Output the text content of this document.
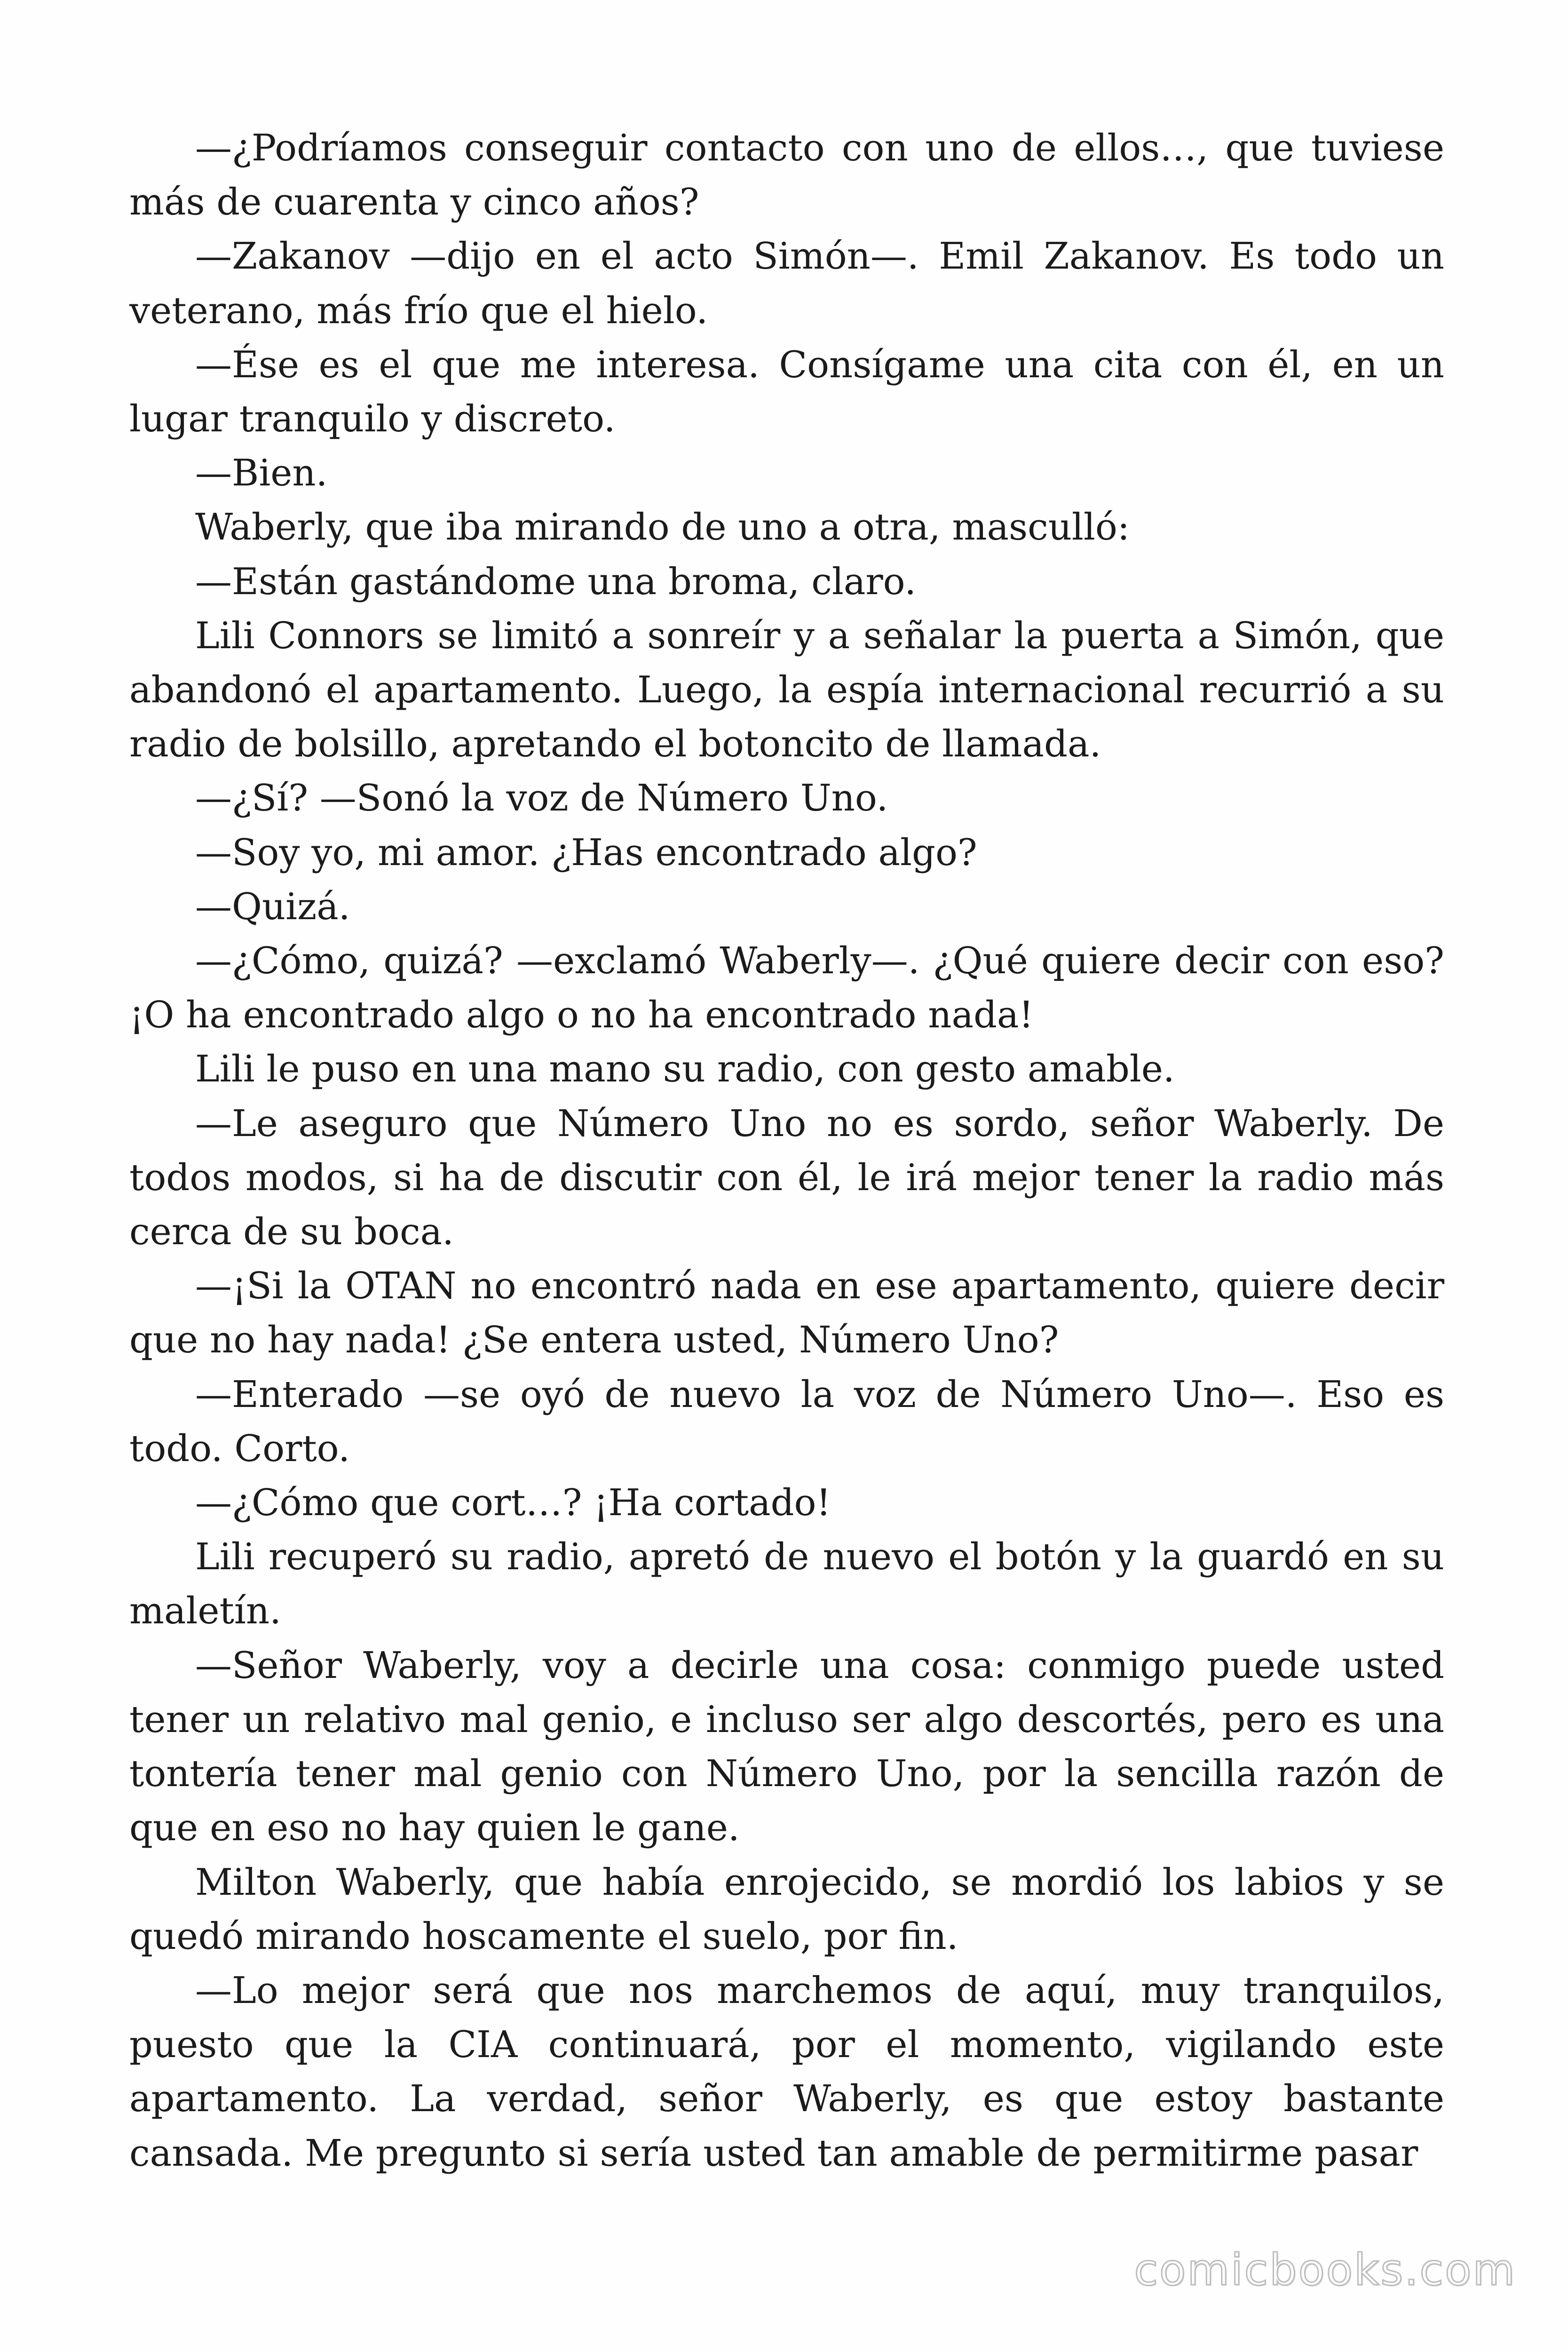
—¿Podríamos conseguir contacto con uno de ellos…, que tuviese más de cuarenta y cinco años?

—Zakanov —dijo en el acto Simón—. Emil Zakanov. Es todo un veterano, más frío que el hielo.

—Ése es el que me interesa. Consígame una cita con él, en un lugar tranquilo y discreto.

—Bien.

Waberly, que iba mirando de uno a otra, masculló:

—Están gastándome una broma, claro.

Lili Connors se limitó a sonreír y a señalar la puerta a Simón, que abandonó el apartamento. Luego, la espía internacional recurrió a su radio de bolsillo, apretando el botoncito de llamada.

—¿Sí? —Sonó la voz de Número Uno.

—Soy yo, mi amor. ¿Has encontrado algo?

—Quizá.

—¿Cómo, quizá? —exclamó Waberly—. ¿Qué quiere decir con eso? ¡O ha encontrado algo o no ha encontrado nada!

Lili le puso en una mano su radio, con gesto amable.

—Le aseguro que Número Uno no es sordo, señor Waberly. De todos modos, si ha de discutir con él, le irá mejor tener la radio más cerca de su boca.

—¡Si la OTAN no encontró nada en ese apartamento, quiere decir que no hay nada! ¿Se entera usted, Número Uno?

—Enterado —se oyó de nuevo la voz de Número Uno—. Eso es todo. Corto.

—¿Cómo que cort…? ¡Ha cortado!

Lili recuperó su radio, apretó de nuevo el botón y la guardó en su maletín.

—Señor Waberly, voy a decirle una cosa: conmigo puede usted tener un relativo mal genio, e incluso ser algo descortés, pero es una tontería tener mal genio con Número Uno, por la sencilla razón de que en eso no hay quien le gane.

Milton Waberly, que había enrojecido, se mordió los labios y se quedó mirando hoscamente el suelo, por fin.

—Lo mejor será que nos marchemos de aquí, muy tranquilos, puesto que la CIA continuará, por el momento, vigilando este apartamento. La verdad, señor Waberly, es que estoy bastante cansada. Me pregunto si sería usted tan amable de permitirme pasar

comicbooks.com
